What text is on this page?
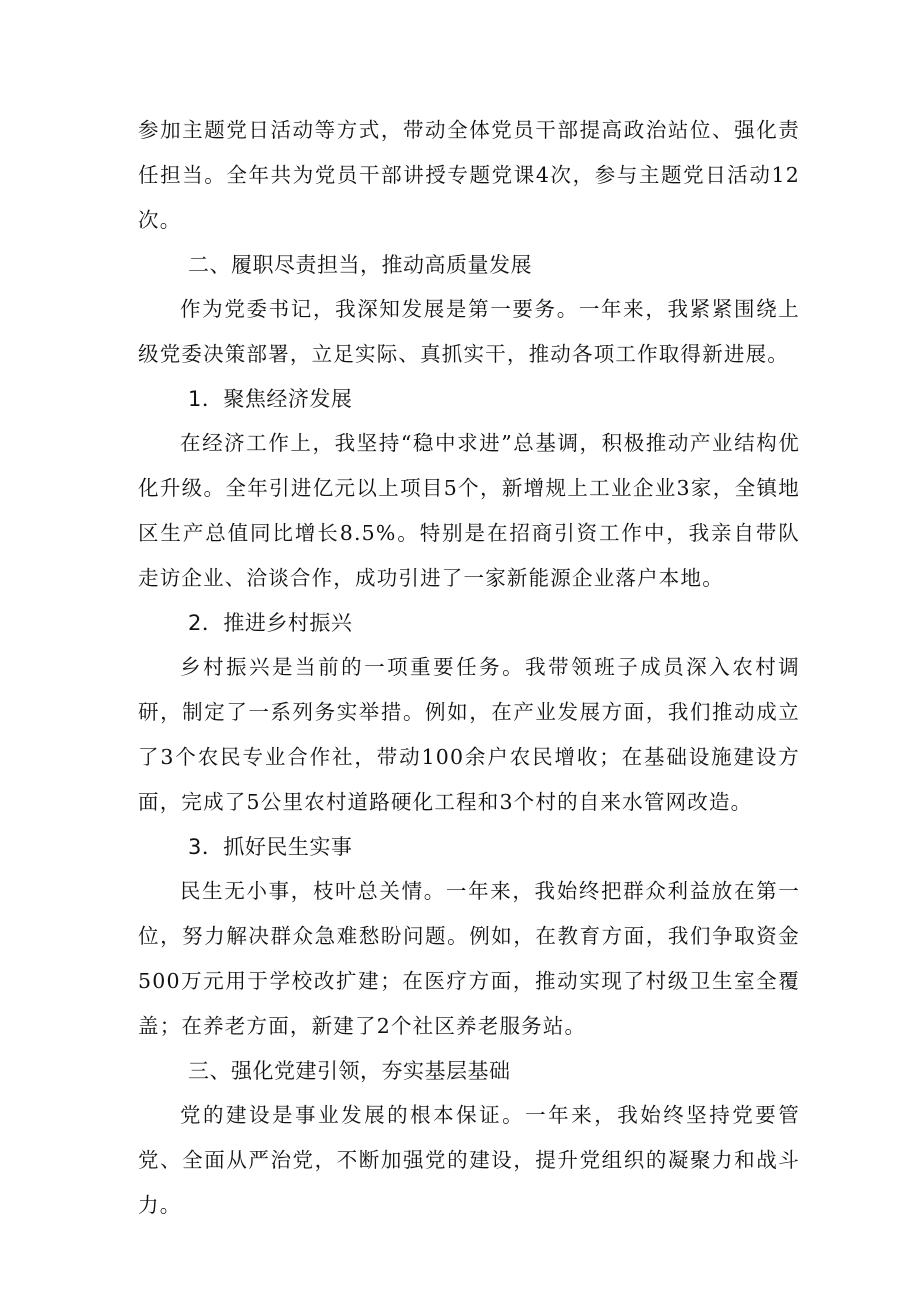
参加主题党日活动等方式，带动全体党员干部提高政治站位、强化责任担当。全年共为党员干部讲授专题党课4次，参与主题党日活动12次。

二、履职尽责担当，推动高质量发展

作为党委书记，我深知发展是第一要务。一年来，我紧紧围绕上级党委决策部署，立足实际、真抓实干，推动各项工作取得新进展。

1．聚焦经济发展

在经济工作上，我坚持“稳中求进”总基调，积极推动产业结构优化升级。全年引进亿元以上项目5个，新增规上工业企业3家，全镇地区生产总值同比增长8.5%。特别是在招商引资工作中，我亲自带队走访企业、洽谈合作，成功引进了一家新能源企业落户本地。

2．推进乡村振兴

乡村振兴是当前的一项重要任务。我带领班子成员深入农村调研，制定了一系列务实举措。例如，在产业发展方面，我们推动成立了3个农民专业合作社，带动100余户农民增收；在基础设施建设方面，完成了5公里农村道路硬化工程和3个村的自来水管网改造。

3．抓好民生实事

民生无小事，枝叶总关情。一年来，我始终把群众利益放在第一位，努力解决群众急难愁盼问题。例如，在教育方面，我们争取资金500万元用于学校改扩建；在医疗方面，推动实现了村级卫生室全覆盖；在养老方面，新建了2个社区养老服务站。

三、强化党建引领，夯实基层基础

党的建设是事业发展的根本保证。一年来，我始终坚持党要管党、全面从严治党，不断加强党的建设，提升党组织的凝聚力和战斗力。
